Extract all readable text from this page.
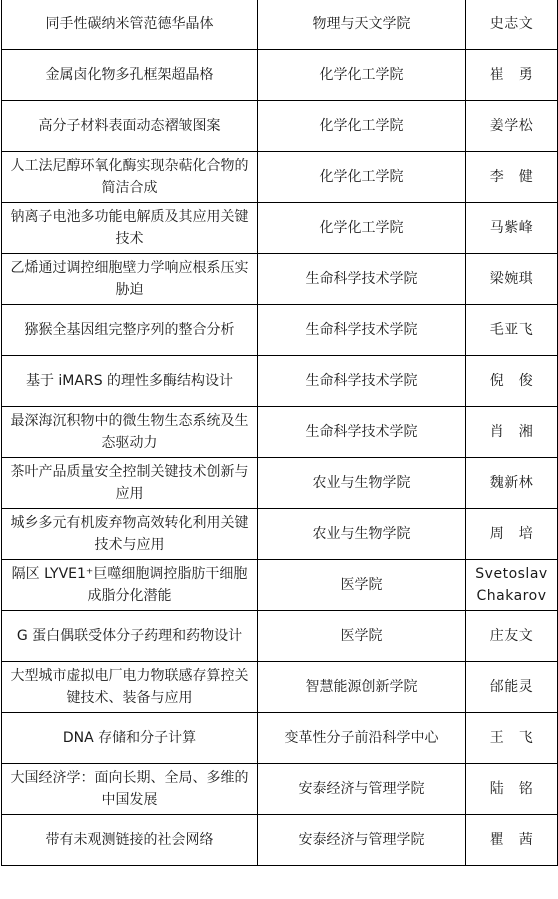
同手性碳纳米管范德华晶体	物理与天文学院	史志文
金属卤化物多孔框架超晶格	化学化工学院	崔　勇
高分子材料表面动态褶皱图案	化学化工学院	姜学松
人工法尼醇环氧化酶实现杂萜化合物的简洁合成	化学化工学院	李　健
钠离子电池多功能电解质及其应用关键技术	化学化工学院	马紫峰
乙烯通过调控细胞壁力学响应根系压实胁迫	生命科学技术学院	梁婉琪
猕猴全基因组完整序列的整合分析	生命科学技术学院	毛亚飞
基于 iMARS 的理性多酶结构设计	生命科学技术学院	倪　俊
最深海沉积物中的微生物生态系统及生态驱动力	生命科学技术学院	肖　湘
茶叶产品质量安全控制关键技术创新与应用	农业与生物学院	魏新林
城乡多元有机废弃物高效转化利用关键技术与应用	农业与生物学院	周　培
隔区 LYVE1⁺巨噬细胞调控脂肪干细胞成脂分化潜能	医学院	Svetoslav Chakarov
G 蛋白偶联受体分子药理和药物设计	医学院	庄友文
大型城市虚拟电厂电力物联感存算控关键技术、装备与应用	智慧能源创新学院	邰能灵
DNA 存储和分子计算	变革性分子前沿科学中心	王　飞
大国经济学：面向长期、全局、多维的中国发展	安泰经济与管理学院	陆　铭
带有未观测链接的社会网络	安泰经济与管理学院	瞿　茜
